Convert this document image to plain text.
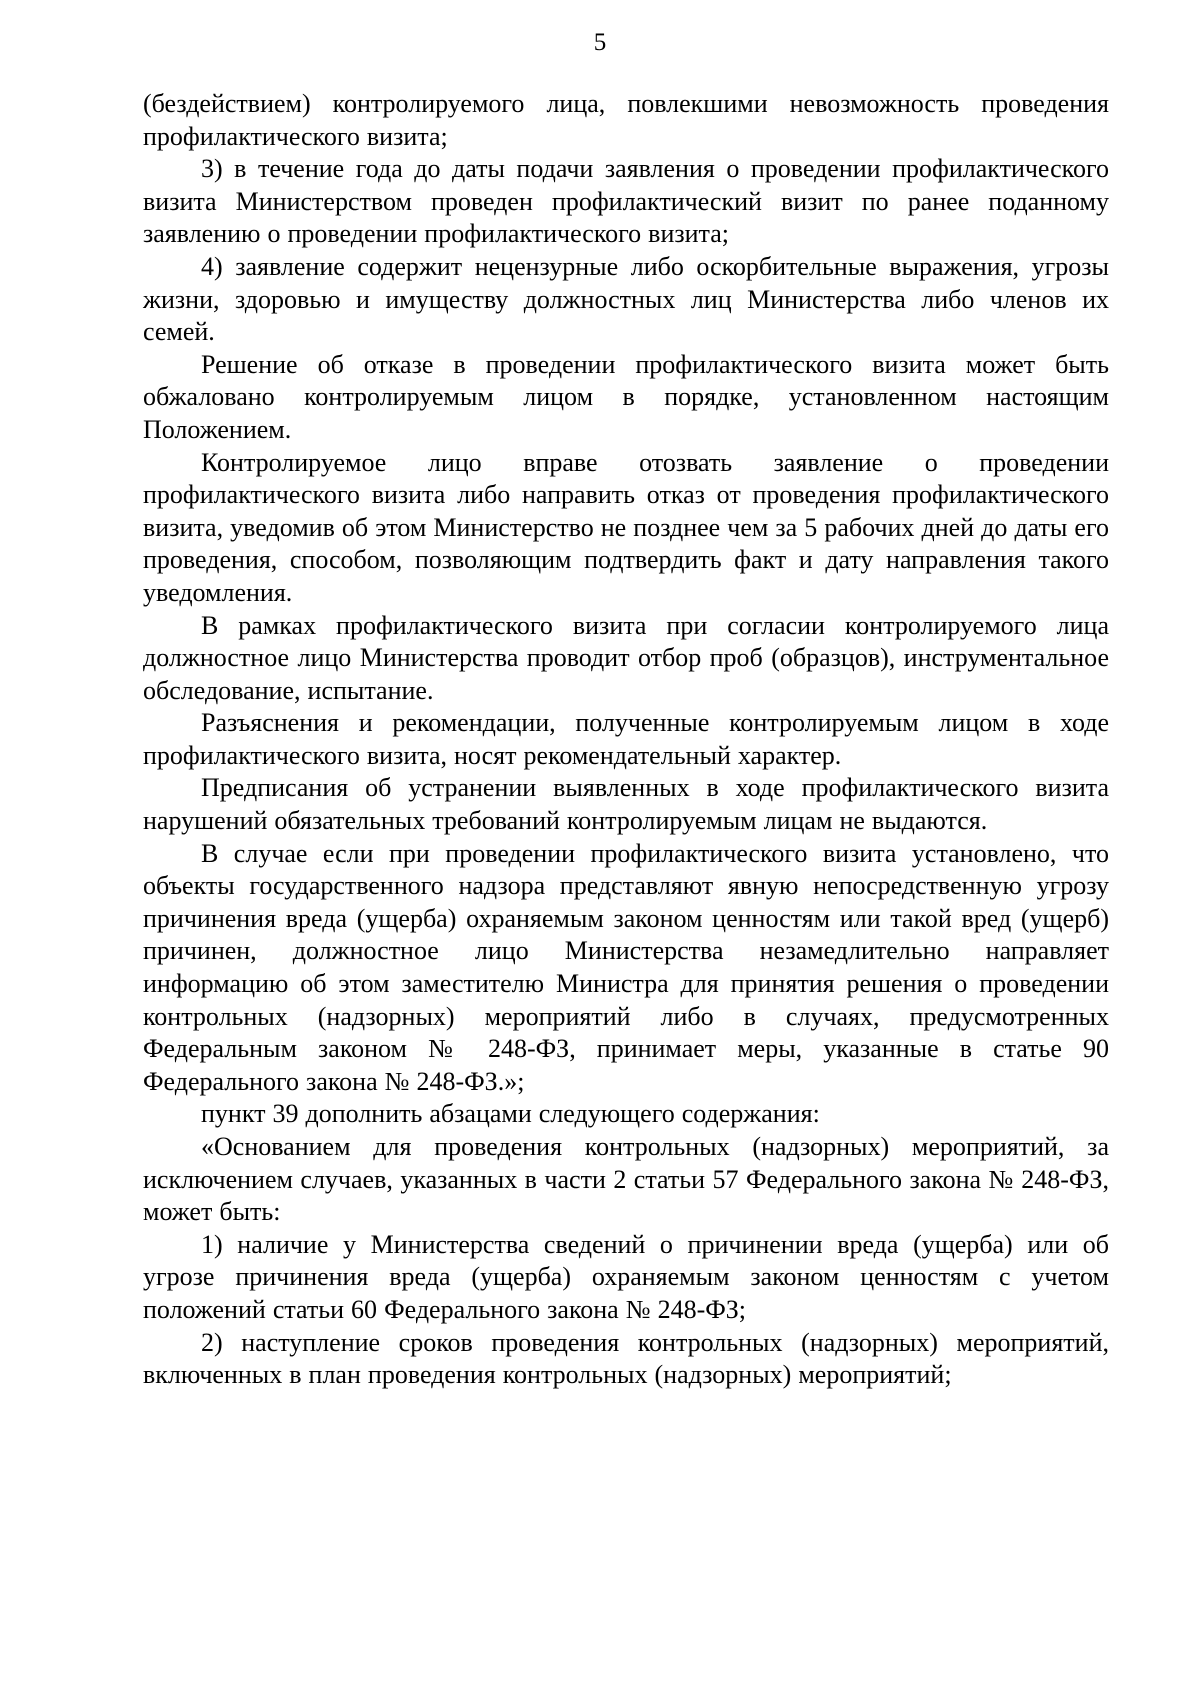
5

(бездействием) контролируемого лица, повлекшими невозможность проведения профилактического визита;

3) в течение года до даты подачи заявления о проведении профилактического визита Министерством проведен профилактический визит по ранее поданному заявлению о проведении профилактического визита;

4) заявление содержит нецензурные либо оскорбительные выражения, угрозы жизни, здоровью и имуществу должностных лиц Министерства либо членов их семей.

Решение об отказе в проведении профилактического визита может быть обжаловано контролируемым лицом в порядке, установленном настоящим Положением.

Контролируемое лицо вправе отозвать заявление о проведении профилактического визита либо направить отказ от проведения профилактического визита, уведомив об этом Министерство не позднее чем за 5 рабочих дней до даты его проведения, способом, позволяющим подтвердить факт и дату направления такого уведомления.

В рамках профилактического визита при согласии контролируемого лица должностное лицо Министерства проводит отбор проб (образцов), инструментальное обследование, испытание.

Разъяснения и рекомендации, полученные контролируемым лицом в ходе профилактического визита, носят рекомендательный характер.

Предписания об устранении выявленных в ходе профилактического визита нарушений обязательных требований контролируемым лицам не выдаются.

В случае если при проведении профилактического визита установлено, что объекты государственного надзора представляют явную непосредственную угрозу причинения вреда (ущерба) охраняемым законом ценностям или такой вред (ущерб) причинен, должностное лицо Министерства незамедлительно направляет информацию об этом заместителю Министра для принятия решения о проведении контрольных (надзорных) мероприятий либо в случаях, предусмотренных Федеральным законом № 248-ФЗ, принимает меры, указанные в статье 90 Федерального закона № 248-ФЗ.»;

пункт 39 дополнить абзацами следующего содержания:

«Основанием для проведения контрольных (надзорных) мероприятий, за исключением случаев, указанных в части 2 статьи 57 Федерального закона № 248-ФЗ, может быть:

1) наличие у Министерства сведений о причинении вреда (ущерба) или об угрозе причинения вреда (ущерба) охраняемым законом ценностям с учетом положений статьи 60 Федерального закона № 248-ФЗ;

2) наступление сроков проведения контрольных (надзорных) мероприятий, включенных в план проведения контрольных (надзорных) мероприятий;
